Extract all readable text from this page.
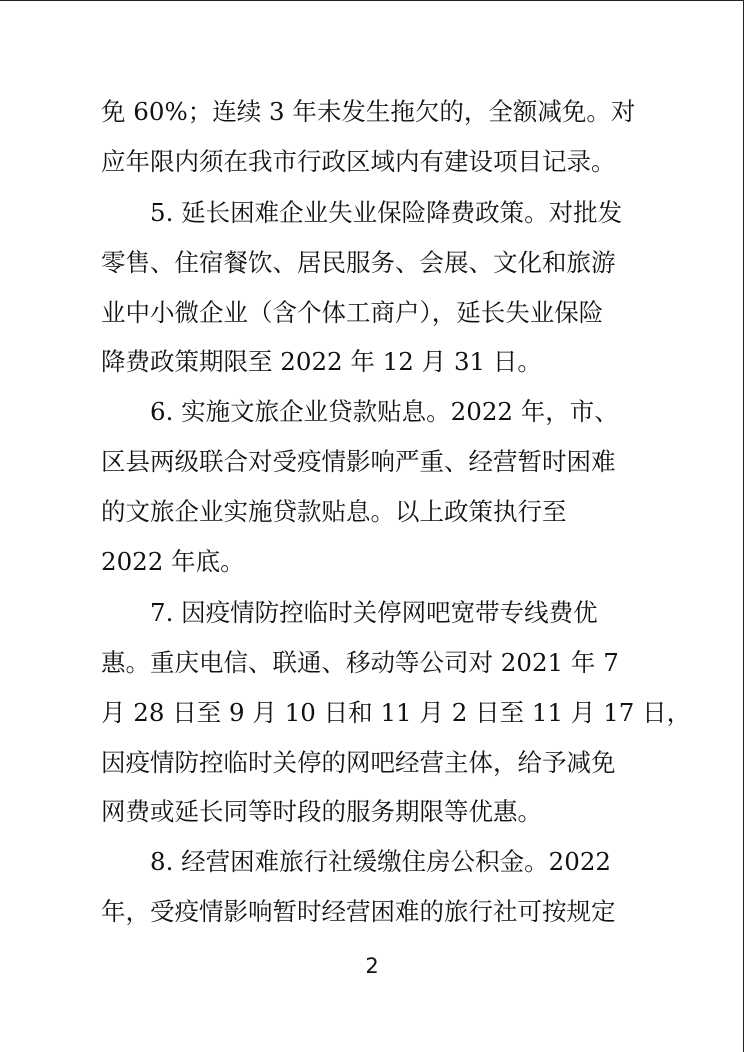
免 60%；连续 3 年未发生拖欠的，全额减免。对
应年限内须在我市行政区域内有建设项目记录。
5. 延长困难企业失业保险降费政策。对批发
零售、住宿餐饮、居民服务、会展、文化和旅游
业中小微企业（含个体工商户），延长失业保险
降费政策期限至 2022 年 12 月 31 日。
6. 实施文旅企业贷款贴息。2022 年，市、
区县两级联合对受疫情影响严重、经营暂时困难
的文旅企业实施贷款贴息。以上政策执行至
2022 年底。
7. 因疫情防控临时关停网吧宽带专线费优
惠。重庆电信、联通、移动等公司对 2021 年 7
月 28 日至 9 月 10 日和 11 月 2 日至 11 月 17 日，
因疫情防控临时关停的网吧经营主体，给予减免
网费或延长同等时段的服务期限等优惠。
8. 经营困难旅行社缓缴住房公积金。2022
年，受疫情影响暂时经营困难的旅行社可按规定
2
